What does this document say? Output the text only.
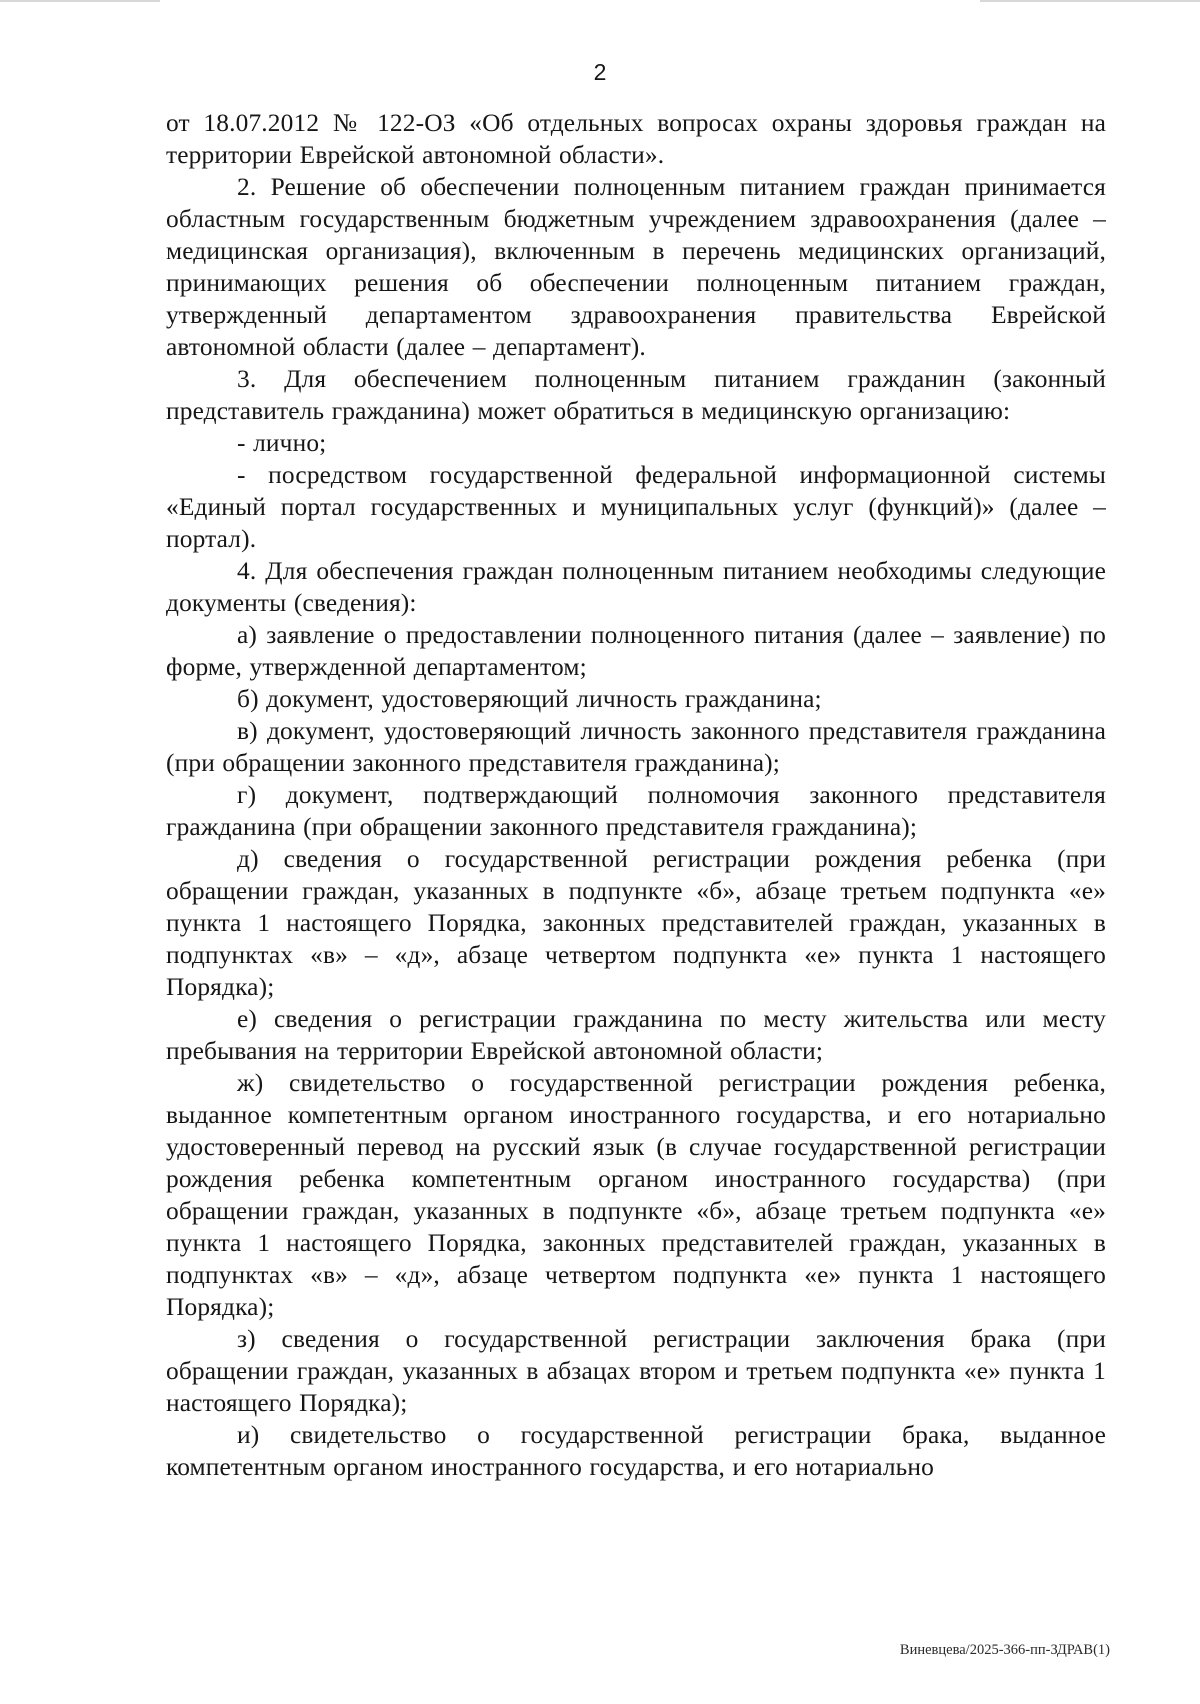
2

от 18.07.2012 № 122-ОЗ «Об отдельных вопросах охраны здоровья граждан на территории Еврейской автономной области».

2. Решение об обеспечении полноценным питанием граждан принимается областным государственным бюджетным учреждением здравоохранения (далее – медицинская организация), включенным в перечень медицинских организаций, принимающих решения об обеспечении полноценным питанием граждан, утвержденный департаментом здравоохранения правительства Еврейской автономной области (далее – департамент).

3. Для обеспечением полноценным питанием гражданин (законный представитель гражданина) может обратиться в медицинскую организацию:

- лично;

- посредством государственной федеральной информационной системы «Единый портал государственных и муниципальных услуг (функций)» (далее – портал).

4. Для обеспечения граждан полноценным питанием необходимы следующие документы (сведения):

а) заявление о предоставлении полноценного питания (далее – заявление) по форме, утвержденной департаментом;

б) документ, удостоверяющий личность гражданина;

в) документ, удостоверяющий личность законного представителя гражданина (при обращении законного представителя гражданина);

г) документ, подтверждающий полномочия законного представителя гражданина (при обращении законного представителя гражданина);

д) сведения о государственной регистрации рождения ребенка (при обращении граждан, указанных в подпункте «б», абзаце третьем подпункта «е» пункта 1 настоящего Порядка, законных представителей граждан, указанных в подпунктах «в» – «д», абзаце четвертом подпункта «е» пункта 1 настоящего Порядка);

е) сведения о регистрации гражданина по месту жительства или месту пребывания на территории Еврейской автономной области;

ж) свидетельство о государственной регистрации рождения ребенка, выданное компетентным органом иностранного государства, и его нотариально удостоверенный перевод на русский язык (в случае государственной регистрации рождения ребенка компетентным органом иностранного государства) (при обращении граждан, указанных в подпункте «б», абзаце третьем подпункта «е» пункта 1 настоящего Порядка, законных представителей граждан, указанных в подпунктах «в» – «д», абзаце четвертом подпункта «е» пункта 1 настоящего Порядка);

з) сведения о государственной регистрации заключения брака (при обращении граждан, указанных в абзацах втором и третьем подпункта «е» пункта 1 настоящего Порядка);

и) свидетельство о государственной регистрации брака, выданное компетентным органом иностранного государства, и его нотариально

Виневцева/2025-366-пп-ЗДРАВ(1)
